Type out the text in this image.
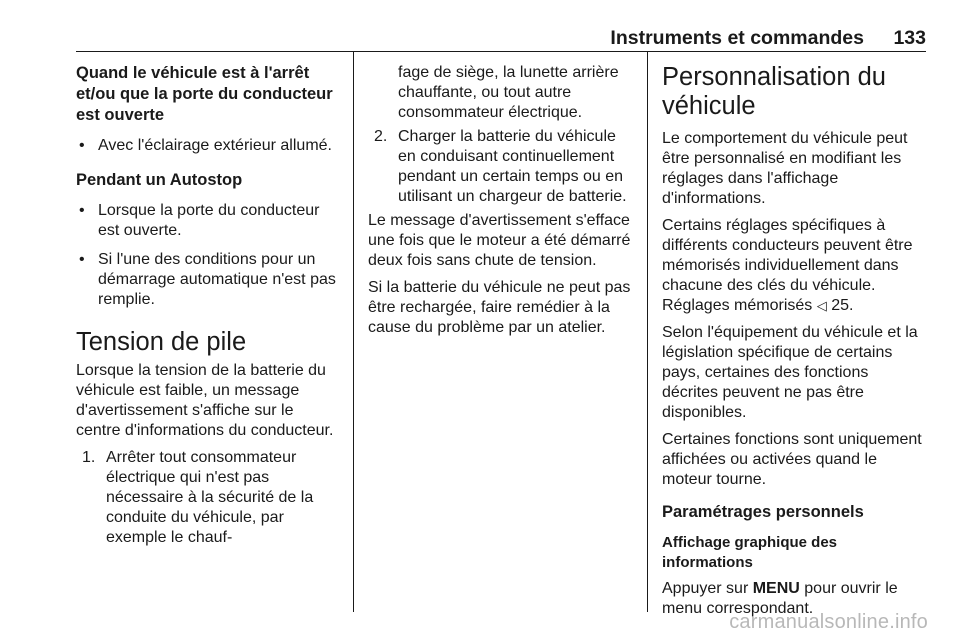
Instruments et commandes 133
Quand le véhicule est à l'arrêt et/ou que la porte du conducteur est ouverte
• Avec l'éclairage extérieur allumé.
Pendant un Autostop
• Lorsque la porte du conducteur est ouverte.
• Si l'une des conditions pour un démarrage automatique n'est pas remplie.
Tension de pile
Lorsque la tension de la batterie du véhicule est faible, un message d'avertissement s'affiche sur le centre d'informations du conducteur.
1. Arrêter tout consommateur électrique qui n'est pas nécessaire à la sécurité de la conduite du véhicule, par exemple le chauf-
fage de siège, la lunette arrière chauffante, ou tout autre consommateur électrique.
2. Charger la batterie du véhicule en conduisant continuellement pendant un certain temps ou en utilisant un chargeur de batterie.
Le message d'avertissement s'efface une fois que le moteur a été démarré deux fois sans chute de tension.
Si la batterie du véhicule ne peut pas être rechargée, faire remédier à la cause du problème par un atelier.
Personnalisation du véhicule
Le comportement du véhicule peut être personnalisé en modifiant les réglages dans l'affichage d'informations.
Certains réglages spécifiques à différents conducteurs peuvent être mémorisés individuellement dans chacune des clés du véhicule. Réglages mémorisés ◁ 25.
Selon l'équipement du véhicule et la législation spécifique de certains pays, certaines des fonctions décrites peuvent ne pas être disponibles.
Certaines fonctions sont uniquement affichées ou activées quand le moteur tourne.
Paramétrages personnels
Affichage graphique des informations
Appuyer sur MENU pour ouvrir le menu correspondant.
carmanualsonline.info
